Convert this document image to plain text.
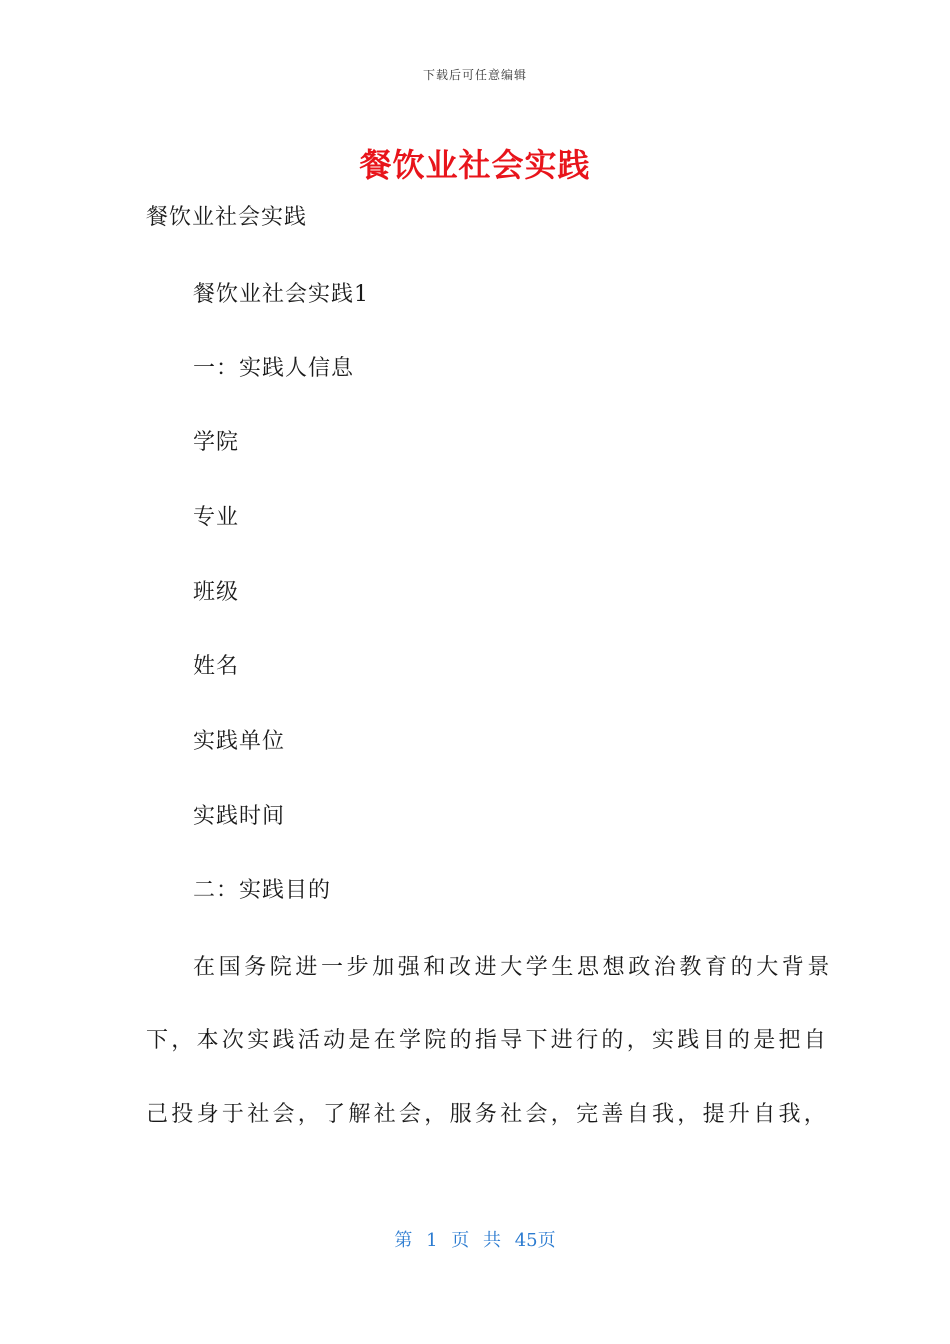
下载后可任意编辑
餐饮业社会实践
餐饮业社会实践
餐饮业社会实践1
一：实践人信息
学院
专业
班级
姓名
实践单位
实践时间
二：实践目的
在国务院进一步加强和改进大学生思想政治教育的大背景
下，本次实践活动是在学院的指导下进行的，实践目的是把自
己投身于社会，了解社会，服务社会，完善自我，提升自我，
第 1 页 共 45页
